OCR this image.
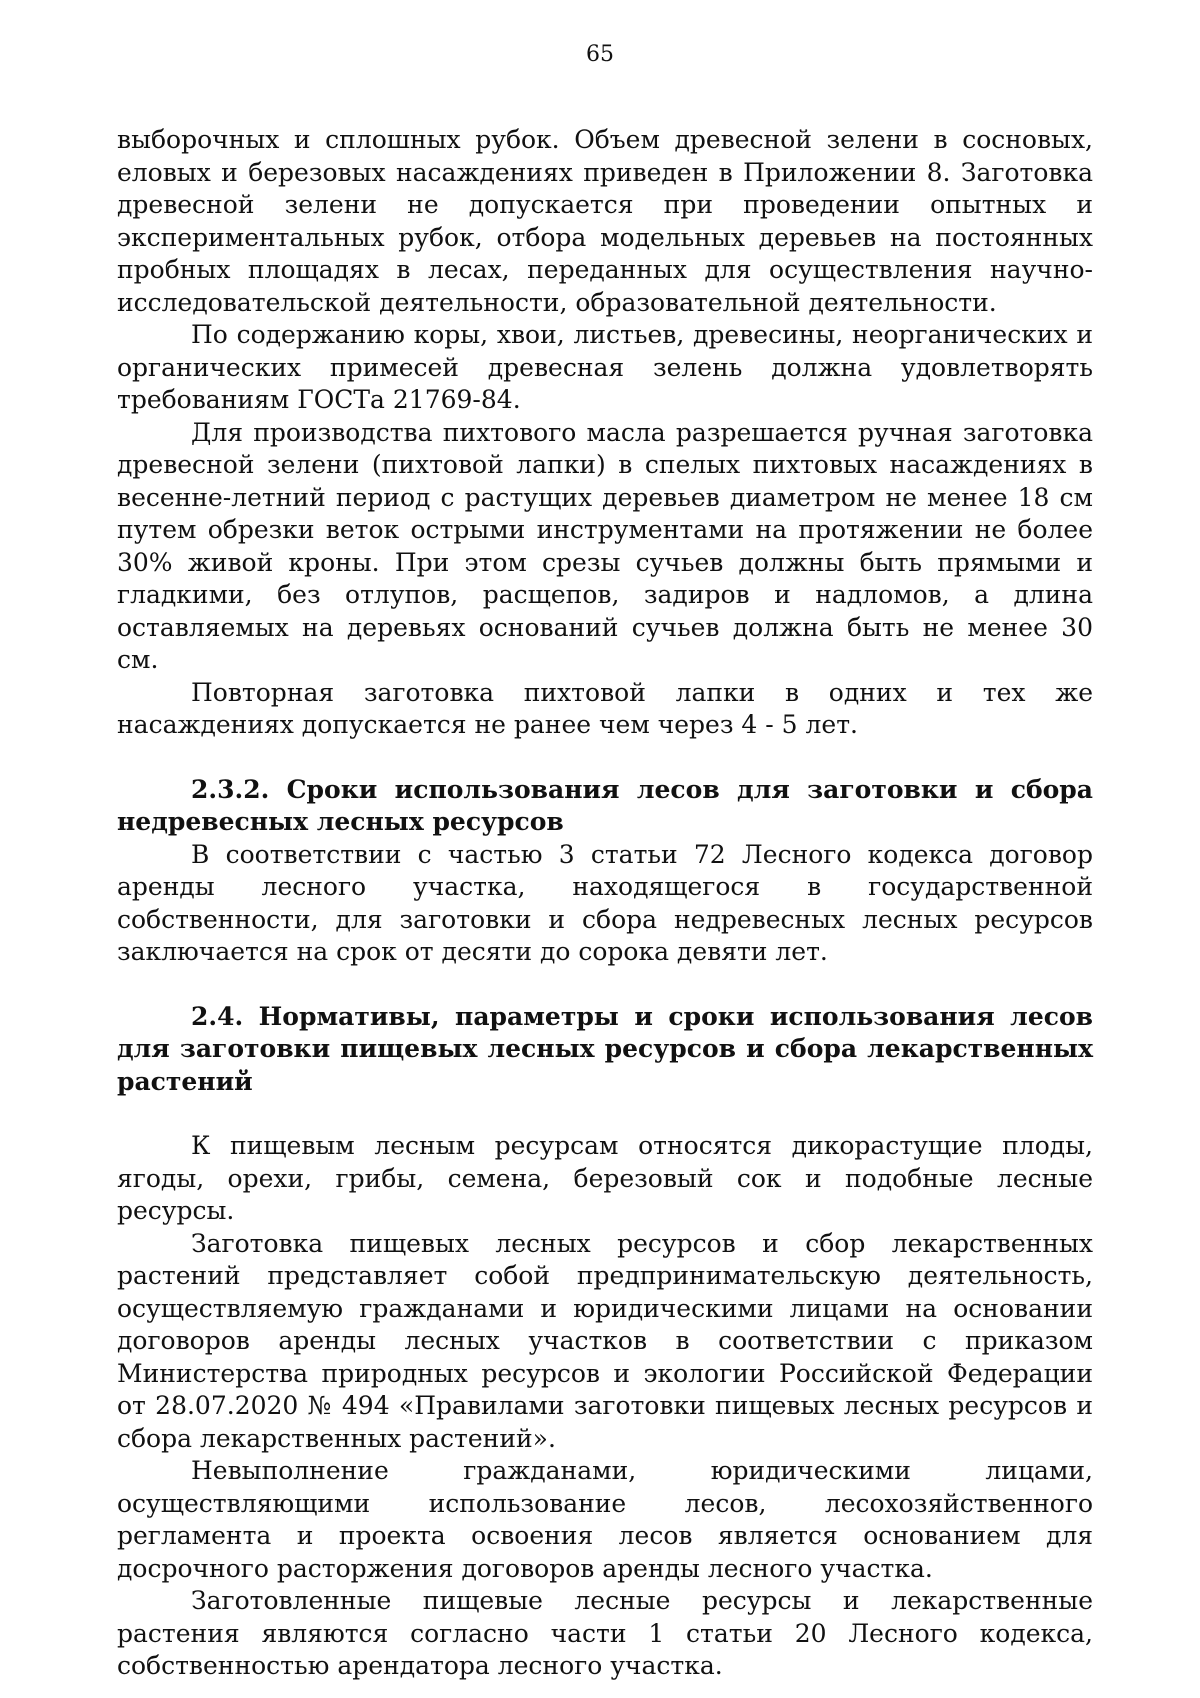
65

выборочных и сплошных рубок. Объем древесной зелени в сосновых, еловых и березовых насаждениях приведен в Приложении 8. Заготовка древесной зелени не допускается при проведении опытных и экспериментальных рубок, отбора модельных деревьев на постоянных пробных площадях в лесах, переданных для осуществления научно-исследовательской деятельности, образовательной деятельности.

По содержанию коры, хвои, листьев, древесины, неорганических и органических примесей древесная зелень должна удовлетворять требованиям ГОСТа 21769-84.

Для производства пихтового масла разрешается ручная заготовка древесной зелени (пихтовой лапки) в спелых пихтовых насаждениях в весенне-летний период с растущих деревьев диаметром не менее 18 см путем обрезки веток острыми инструментами на протяжении не более 30% живой кроны. При этом срезы сучьев должны быть прямыми и гладкими, без отлупов, расщепов, задиров и надломов, а длина оставляемых на деревьях оснований сучьев должна быть не менее 30 см.

Повторная заготовка пихтовой лапки в одних и тех же насаждениях допускается не ранее чем через 4 - 5 лет.

2.3.2. Сроки использования лесов для заготовки и сбора недревесных лесных ресурсов

В соответствии с частью 3 статьи 72 Лесного кодекса договор аренды лесного участка, находящегося в государственной собственности, для заготовки и сбора недревесных лесных ресурсов заключается на срок от десяти до сорока девяти лет.

2.4. Нормативы, параметры и сроки использования лесов для заготовки пищевых лесных ресурсов и сбора лекарственных растений

К пищевым лесным ресурсам относятся дикорастущие плоды, ягоды, орехи, грибы, семена, березовый сок и подобные лесные ресурсы.

Заготовка пищевых лесных ресурсов и сбор лекарственных растений представляет собой предпринимательскую деятельность, осуществляемую гражданами и юридическими лицами на основании договоров аренды лесных участков в соответствии с приказом Министерства природных ресурсов и экологии Российской Федерации от 28.07.2020 № 494 «Правилами заготовки пищевых лесных ресурсов и сбора лекарственных растений».

Невыполнение гражданами, юридическими лицами, осуществляющими использование лесов, лесохозяйственного регламента и проекта освоения лесов является основанием для досрочного расторжения договоров аренды лесного участка.

Заготовленные пищевые лесные ресурсы и лекарственные растения являются согласно части 1 статьи 20 Лесного кодекса, собственностью арендатора лесного участка.
